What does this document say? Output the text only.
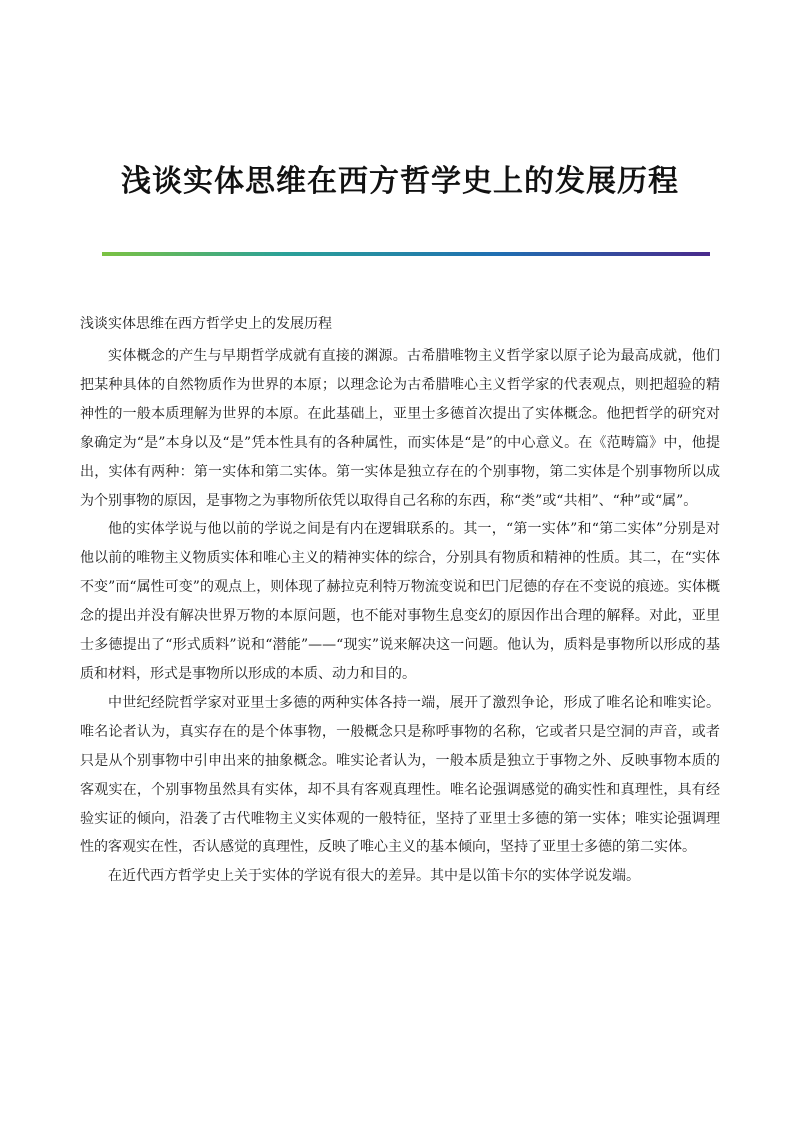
浅谈实体思维在西方哲学史上的发展历程

浅谈实体思维在西方哲学史上的发展历程

实体概念的产生与早期哲学成就有直接的渊源。古希腊唯物主义哲学家以原子论为最高成就，他们把某种具体的自然物质作为世界的本原；以理念论为古希腊唯心主义哲学家的代表观点，则把超验的精神性的一般本质理解为世界的本原。在此基础上，亚里士多德首次提出了实体概念。他把哲学的研究对象确定为“是”本身以及“是”凭本性具有的各种属性，而实体是“是”的中心意义。在《范畴篇》中，他提出，实体有两种：第一实体和第二实体。第一实体是独立存在的个别事物，第二实体是个别事物所以成为个别事物的原因，是事物之为事物所依凭以取得自己名称的东西，称“类”或“共相”、“种”或“属”。

他的实体学说与他以前的学说之间是有内在逻辑联系的。其一，“第一实体”和“第二实体”分别是对他以前的唯物主义物质实体和唯心主义的精神实体的综合，分别具有物质和精神的性质。其二，在“实体不变”而“属性可变”的观点上，则体现了赫拉克利特万物流变说和巴门尼德的存在不变说的痕迹。实体概念的提出并没有解决世界万物的本原问题，也不能对事物生息变幻的原因作出合理的解释。对此，亚里士多德提出了“形式质料”说和“潜能”——“现实”说来解决这一问题。他认为，质料是事物所以形成的基质和材料，形式是事物所以形成的本质、动力和目的。

中世纪经院哲学家对亚里士多德的两种实体各持一端，展开了激烈争论，形成了唯名论和唯实论。唯名论者认为，真实存在的是个体事物，一般概念只是称呼事物的名称，它或者只是空洞的声音，或者只是从个别事物中引申出来的抽象概念。唯实论者认为，一般本质是独立于事物之外、反映事物本质的客观实在，个别事物虽然具有实体，却不具有客观真理性。唯名论强调感觉的确实性和真理性，具有经验实证的倾向，沿袭了古代唯物主义实体观的一般特征，坚持了亚里士多德的第一实体；唯实论强调理性的客观实在性，否认感觉的真理性，反映了唯心主义的基本倾向，坚持了亚里士多德的第二实体。

在近代西方哲学史上关于实体的学说有很大的差异。其中是以笛卡尔的实体学说发端。
